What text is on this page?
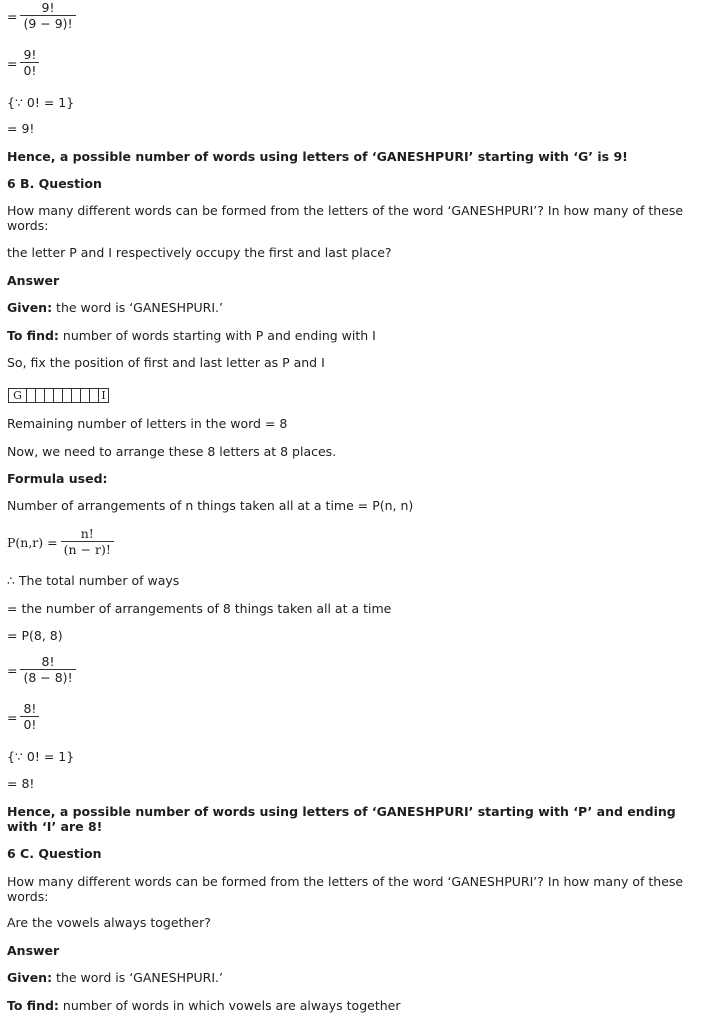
= $\frac{9!}{(9 - 9)!}$
= $\frac{9!}{0!}$
{∵ 0! = 1}
= 9!
Hence, a possible number of words using letters of ‘GANESHPURI’ starting with ‘G’ is 9!
6 B. Question
How many different words can be formed from the letters of the word ‘GANESHPURI’? In how many of these words:
the letter P and I respectively occupy the first and last place?
Answer
Given: the word is ‘GANESHPURI.’
To find: number of words starting with P and ending with I
So, fix the position of first and last letter as P and I
G	I
Remaining number of letters in the word = 8
Now, we need to arrange these 8 letters at 8 places.
Formula used:
Number of arrangements of n things taken all at a time = P(n, n)
$P(n,r) = \frac{n!}{(n - r)!}$
∴ The total number of ways
= the number of arrangements of 8 things taken all at a time
= P(8, 8)
= $\frac{8!}{(8 - 8)!}$
= $\frac{8!}{0!}$
{∵ 0! = 1}
= 8!
Hence, a possible number of words using letters of ‘GANESHPURI’ starting with ‘P’ and ending with ‘I’ are 8!
6 C. Question
How many different words can be formed from the letters of the word ‘GANESHPURI’? In how many of these words:
Are the vowels always together?
Answer
Given: the word is ‘GANESHPURI.’
To find: number of words in which vowels are always together
